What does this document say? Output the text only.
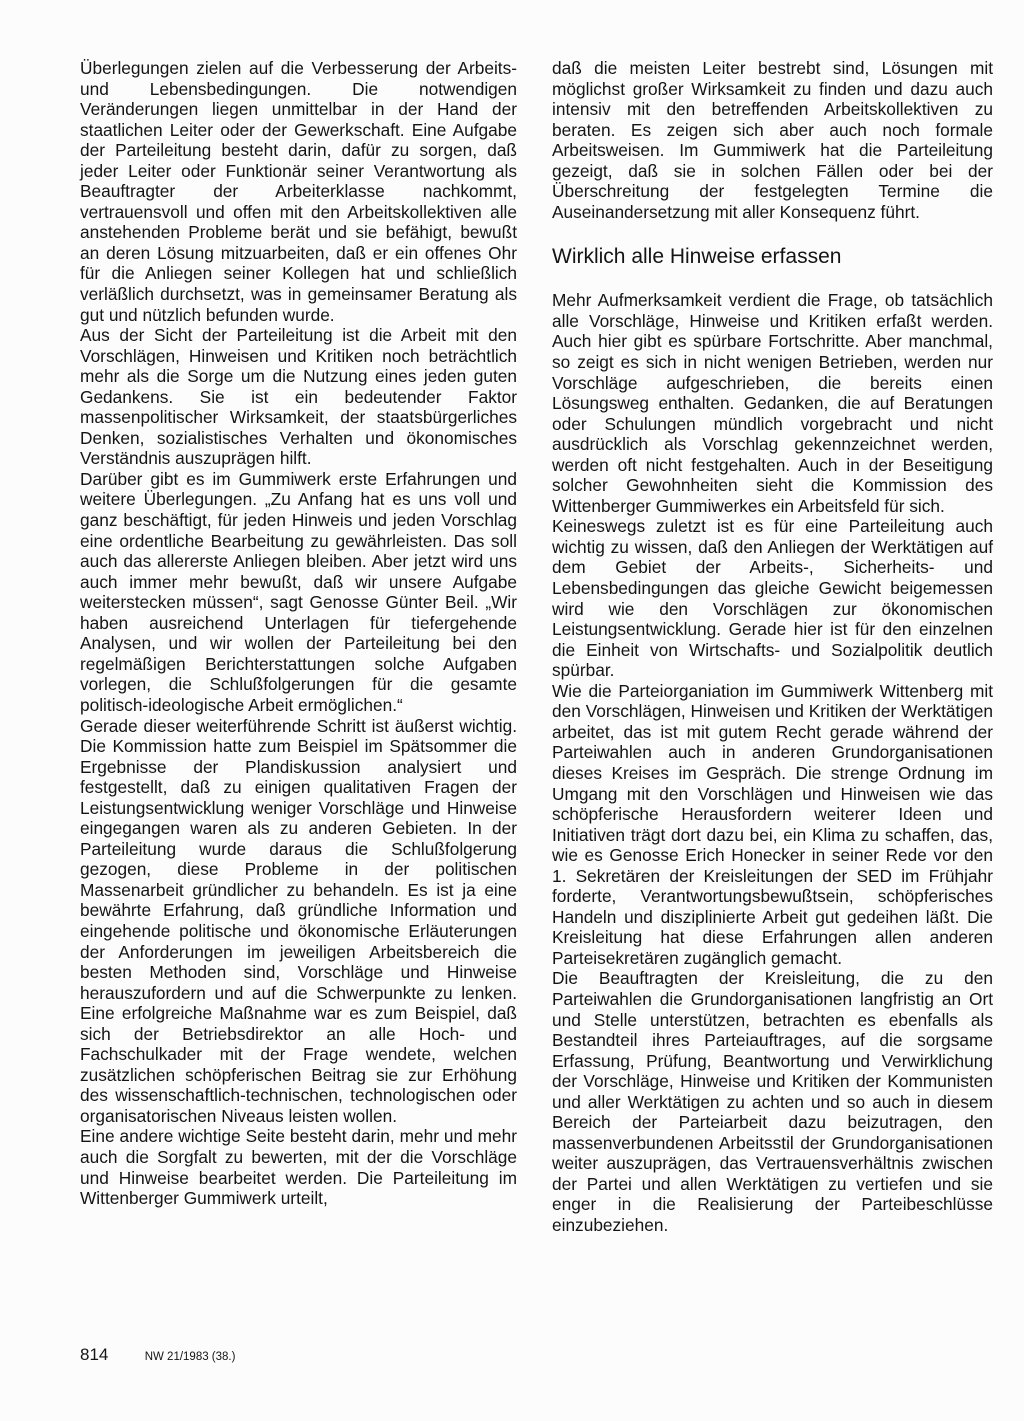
Überlegungen zielen auf die Verbesserung der Arbeits- und Lebensbedingungen. Die notwendigen Veränderungen liegen unmittelbar in der Hand der staatlichen Leiter oder der Gewerkschaft. Eine Aufgabe der Parteileitung besteht darin, dafür zu sorgen, daß jeder Leiter oder Funktionär seiner Verantwortung als Beauftragter der Arbeiterklasse nachkommt, vertrauensvoll und offen mit den Arbeitskollektiven alle anstehenden Probleme berät und sie befähigt, bewußt an deren Lösung mitzuarbeiten, daß er ein offenes Ohr für die Anliegen seiner Kollegen hat und schließlich verläßlich durchsetzt, was in gemeinsamer Beratung als gut und nützlich befunden wurde.

Aus der Sicht der Parteileitung ist die Arbeit mit den Vorschlägen, Hinweisen und Kritiken noch beträchtlich mehr als die Sorge um die Nutzung eines jeden guten Gedankens. Sie ist ein bedeutender Faktor massenpolitischer Wirksamkeit, der staatsbürgerliches Denken, sozialistisches Verhalten und ökonomisches Verständnis auszuprägen hilft.

Darüber gibt es im Gummiwerk erste Erfahrungen und weitere Überlegungen. „Zu Anfang hat es uns voll und ganz beschäftigt, für jeden Hinweis und jeden Vorschlag eine ordentliche Bearbeitung zu gewährleisten. Das soll auch das allererste Anliegen bleiben. Aber jetzt wird uns auch immer mehr bewußt, daß wir unsere Aufgabe weiterstecken müssen“, sagt Genosse Günter Beil. „Wir haben ausreichend Unterlagen für tiefergehende Analysen, und wir wollen der Parteileitung bei den regelmäßigen Berichterstattungen solche Aufgaben vorlegen, die Schlußfolgerungen für die gesamte politisch-ideologische Arbeit ermöglichen.“

Gerade dieser weiterführende Schritt ist äußerst wichtig. Die Kommission hatte zum Beispiel im Spätsommer die Ergebnisse der Plandiskussion analysiert und festgestellt, daß zu einigen qualitativen Fragen der Leistungsentwicklung weniger Vorschläge und Hinweise eingegangen waren als zu anderen Gebieten. In der Parteileitung wurde daraus die Schlußfolgerung gezogen, diese Probleme in der politischen Massenarbeit gründlicher zu behandeln. Es ist ja eine bewährte Erfahrung, daß gründliche Information und eingehende politische und ökonomische Erläuterungen der Anforderungen im jeweiligen Arbeitsbereich die besten Methoden sind, Vorschläge und Hinweise herauszufordern und auf die Schwerpunkte zu lenken. Eine erfolgreiche Maßnahme war es zum Beispiel, daß sich der Betriebsdirektor an alle Hoch- und Fachschulkader mit der Frage wendete, welchen zusätzlichen schöpferischen Beitrag sie zur Erhöhung des wissenschaftlich-technischen, technologischen oder organisatorischen Niveaus leisten wollen.

Eine andere wichtige Seite besteht darin, mehr und mehr auch die Sorgfalt zu bewerten, mit der die Vorschläge und Hinweise bearbeitet werden. Die Parteileitung im Wittenberger Gummiwerk urteilt,

daß die meisten Leiter bestrebt sind, Lösungen mit möglichst großer Wirksamkeit zu finden und dazu auch intensiv mit den betreffenden Arbeitskollektiven zu beraten. Es zeigen sich aber auch noch formale Arbeitsweisen. Im Gummiwerk hat die Parteileitung gezeigt, daß sie in solchen Fällen oder bei der Überschreitung der festgelegten Termine die Auseinandersetzung mit aller Konsequenz führt.

Wirklich alle Hinweise erfassen

Mehr Aufmerksamkeit verdient die Frage, ob tatsächlich alle Vorschläge, Hinweise und Kritiken erfaßt werden. Auch hier gibt es spürbare Fortschritte. Aber manchmal, so zeigt es sich in nicht wenigen Betrieben, werden nur Vorschläge aufgeschrieben, die bereits einen Lösungsweg enthalten. Gedanken, die auf Beratungen oder Schulungen mündlich vorgebracht und nicht ausdrücklich als Vorschlag gekennzeichnet werden, werden oft nicht festgehalten. Auch in der Beseitigung solcher Gewohnheiten sieht die Kommission des Wittenberger Gummiwerkes ein Arbeitsfeld für sich.

Keineswegs zuletzt ist es für eine Parteileitung auch wichtig zu wissen, daß den Anliegen der Werktätigen auf dem Gebiet der Arbeits-, Sicherheits- und Lebensbedingungen das gleiche Gewicht beigemessen wird wie den Vorschlägen zur ökonomischen Leistungsentwicklung. Gerade hier ist für den einzelnen die Einheit von Wirtschafts- und Sozialpolitik deutlich spürbar.

Wie die Parteiorganiation im Gummiwerk Wittenberg mit den Vorschlägen, Hinweisen und Kritiken der Werktätigen arbeitet, das ist mit gutem Recht gerade während der Parteiwahlen auch in anderen Grundorganisationen dieses Kreises im Gespräch. Die strenge Ordnung im Umgang mit den Vorschlägen und Hinweisen wie das schöpferische Herausfordern weiterer Ideen und Initiativen trägt dort dazu bei, ein Klima zu schaffen, das, wie es Genosse Erich Honecker in seiner Rede vor den 1. Sekretären der Kreisleitungen der SED im Frühjahr forderte, Verantwortungsbewußtsein, schöpferisches Handeln und disziplinierte Arbeit gut gedeihen läßt. Die Kreisleitung hat diese Erfahrungen allen anderen Parteisekretären zugänglich gemacht.

Die Beauftragten der Kreisleitung, die zu den Parteiwahlen die Grundorganisationen langfristig an Ort und Stelle unterstützen, betrachten es ebenfalls als Bestandteil ihres Parteiauftrages, auf die sorgsame Erfassung, Prüfung, Beantwortung und Verwirklichung der Vorschläge, Hinweise und Kritiken der Kommunisten und aller Werktätigen zu achten und so auch in diesem Bereich der Parteiarbeit dazu beizutragen, den massenverbundenen Arbeitsstil der Grundorganisationen weiter auszuprägen, das Vertrauensverhältnis zwischen der Partei und allen Werktätigen zu vertiefen und sie enger in die Realisierung der Parteibeschlüsse einzubeziehen.

814	NW 21/1983 (38.)
